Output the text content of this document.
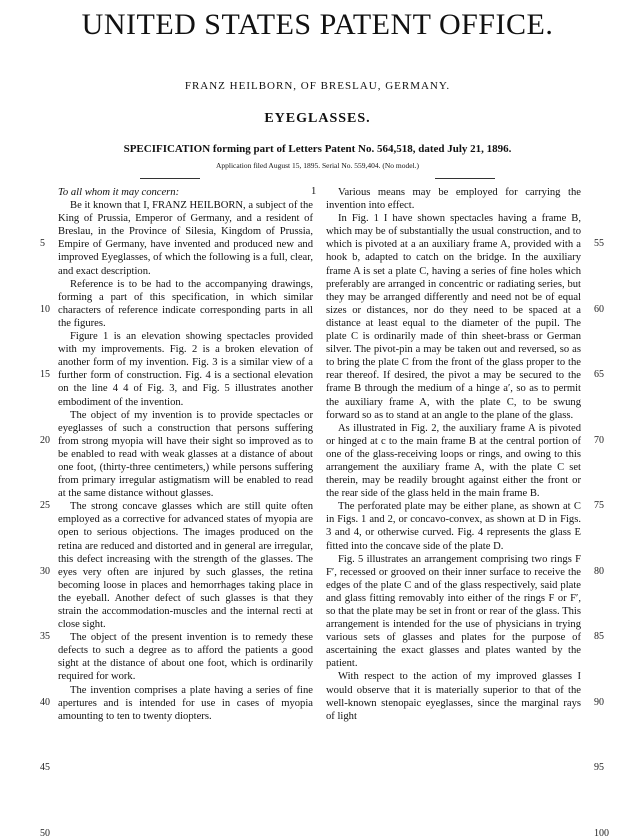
UNITED STATES PATENT OFFICE.
FRANZ HEILBORN, OF BRESLAU, GERMANY.
EYEGLASSES.
SPECIFICATION forming part of Letters Patent No. 564,518, dated July 21, 1896.
Application filed August 15, 1895. Serial No. 559,404. (No model.)
1

To all whom it may concern:

Be it known that I, FRANZ HEILBORN, a subject of the King of Prussia, Emperor of Germany, and a resident of Breslau, in the Province of Silesia, Kingdom of Prussia, Empire of Germany, have invented and produced new and improved Eyeglasses, of which the following is a full, clear, and exact description.

Reference is to be had to the accompanying drawings, forming a part of this specification, in which similar characters of reference indicate corresponding parts in all the figures.

Figure 1 is an elevation showing spectacles provided with my improvements. Fig. 2 is a broken elevation of another form of my invention. Fig. 3 is a similar view of a further form of construction. Fig. 4 is a sectional elevation on the line 4 4 of Fig. 3, and Fig. 5 illustrates another embodiment of the invention.

The object of my invention is to provide spectacles or eyeglasses of such a construction that persons suffering from strong myopia will have their sight so improved as to be enabled to read with weak glasses at a distance of about one foot, (thirty-three centimeters,) while persons suffering from primary irregular astigmatism will be enabled to read at the same distance without glasses.

The strong concave glasses which are still quite often employed as a corrective for advanced states of myopia are open to serious objections. The images produced on the retina are reduced and distorted and in general are irregular, this defect increasing with the strength of the glasses. The eyes very often are injured by such glasses, the retina becoming loose in places and hemorrhages taking place in the eyeball. Another defect of such glasses is that they strain the accommodation-muscles and the internal recti at close sight.

The object of the present invention is to remedy these defects to such a degree as to afford the patients a good sight at the distance of about one foot, which is ordinarily required for work.

The invention comprises a plate having a series of fine apertures and is intended for use in cases of myopia amounting to ten to twenty diopters.

Various means may be employed for carrying the invention into effect.

In Fig. 1 I have shown spectacles having a frame B, which may be of substantially the usual construction, and to which is pivoted at a an auxiliary frame A, provided with a hook b, adapted to catch on the bridge. In the auxiliary frame A is set a plate C, having a series of fine holes which preferably are arranged in concentric or radiating series, but they may be arranged differently and need not be of equal sizes or distances, nor do they need to be spaced at a distance at least equal to the diameter of the pupil. The plate C is ordinarily made of thin sheet-brass or German silver. The pivot-pin a may be taken out and reversed, so as to bring the plate C from the front of the glass proper to the rear thereof. If desired, the pivot a may be secured to the frame B through the medium of a hinge a′, so as to permit the auxiliary frame A, with the plate C, to be swung forward so as to stand at an angle to the plane of the glass.

As illustrated in Fig. 2, the auxiliary frame A is pivoted or hinged at c to the main frame B at the central portion of one of the glass-receiving loops or rings, and owing to this arrangement the auxiliary frame A, with the plate C set therein, may be readily brought against either the front or the rear side of the glass held in the main frame B.

The perforated plate may be either plane, as shown at C in Figs. 1 and 2, or concavo-convex, as shown at D in Figs. 3 and 4, or otherwise curved. Fig. 4 represents the glass E fitted into the concave side of the plate D.

Fig. 5 illustrates an arrangement comprising two rings F F′, recessed or grooved on their inner surface to receive the edges of the plate C and of the glass respectively, said plate and glass fitting removably into either of the rings F or F′, so that the plate may be set in front or rear of the glass. This arrangement is intended for the use of physicians in trying various sets of glasses and plates for the purpose of ascertaining the exact glasses and plates wanted by the patient.

With respect to the action of my improved glasses I would observe that it is materially superior to that of the well-known stenopaic eyeglasses, since the marginal rays of light

5
10
15
20
25
30
35
40
45
50
55
60
65
70
75
80
85
90
95
100
